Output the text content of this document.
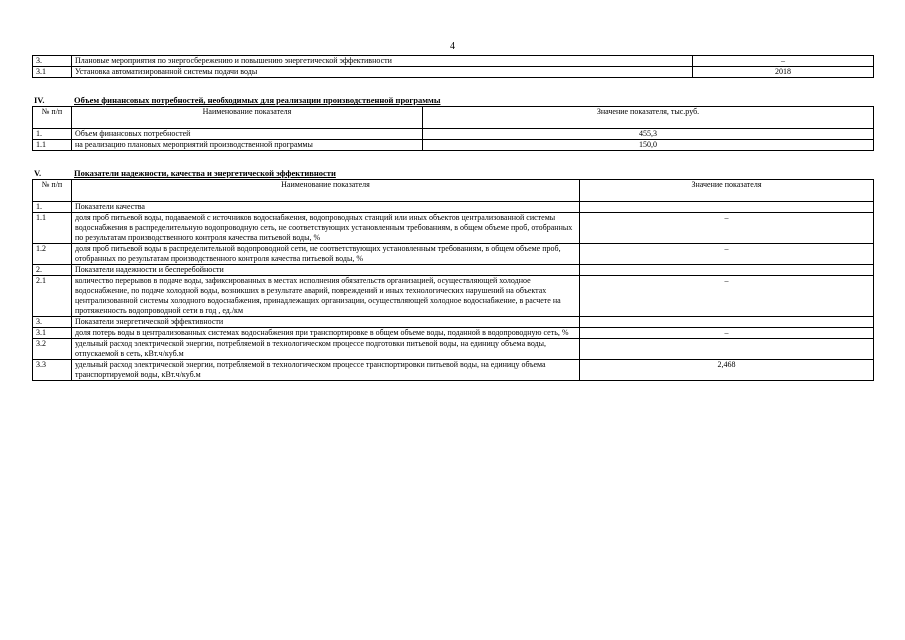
4
3.	Плановые мероприятия по энергосбережению и повышению энергетической эффективности	–
3.1	Установка автоматизированной системы подачи воды	2018
IV.	Объем финансовых потребностей, необходимых для реализации производственной программы
№ п/п	Наименование показателя	Значение показателя, тыс.руб.
1.	Объем финансовых потребностей	455,3
1.1	на реализацию плановых мероприятий производственной программы	150,0
V.	Показатели надежности, качества и энергетической эффективности
№ п/п	Наименование показателя	Значение показателя
1.	Показатели качества	
1.1	доля проб питьевой воды, подаваемой с источников водоснабжения, водопроводных станций или иных объектов централизованной системы водоснабжения в распределительную водопроводную сеть, не соответствующих установленным требованиям, в общем объеме проб, отобранных по результатам производственного контроля качества питьевой воды, %	–
1.2	доля проб питьевой воды в распределительной водопроводной сети, не соответствующих установленным требованиям, в общем объеме проб, отобранных по результатам производственного контроля качества питьевой воды, %	–
2.	Показатели надежности и бесперебойности	
2.1	количество перерывов в подаче воды, зафиксированных в местах исполнения обязательств организацией, осуществляющей холодное водоснабжение, по подаче холодной воды, возникших в результате аварий, повреждений и иных технологических нарушений на объектах централизованной системы холодного водоснабжения, принадлежащих организации, осуществляющей холодное водоснабжение, в расчете на протяженность водопроводной сети в год , ед./км	–
3.	Показатели энергетической эффективности	
3.1	доля потерь воды в централизованных системах водоснабжения при транспортировке в общем объеме воды, поданной в водопроводную сеть, %	–
3.2	удельный расход электрической энергии, потребляемой в технологическом процессе подготовки питьевой воды, на единицу объема воды, отпускаемой в сеть, кВт.ч/куб.м	
3.3	удельный расход электрической энергии, потребляемой в технологическом процессе транспортировки питьевой воды, на единицу объема транспортируемой воды, кВт.ч/куб.м	2,468
